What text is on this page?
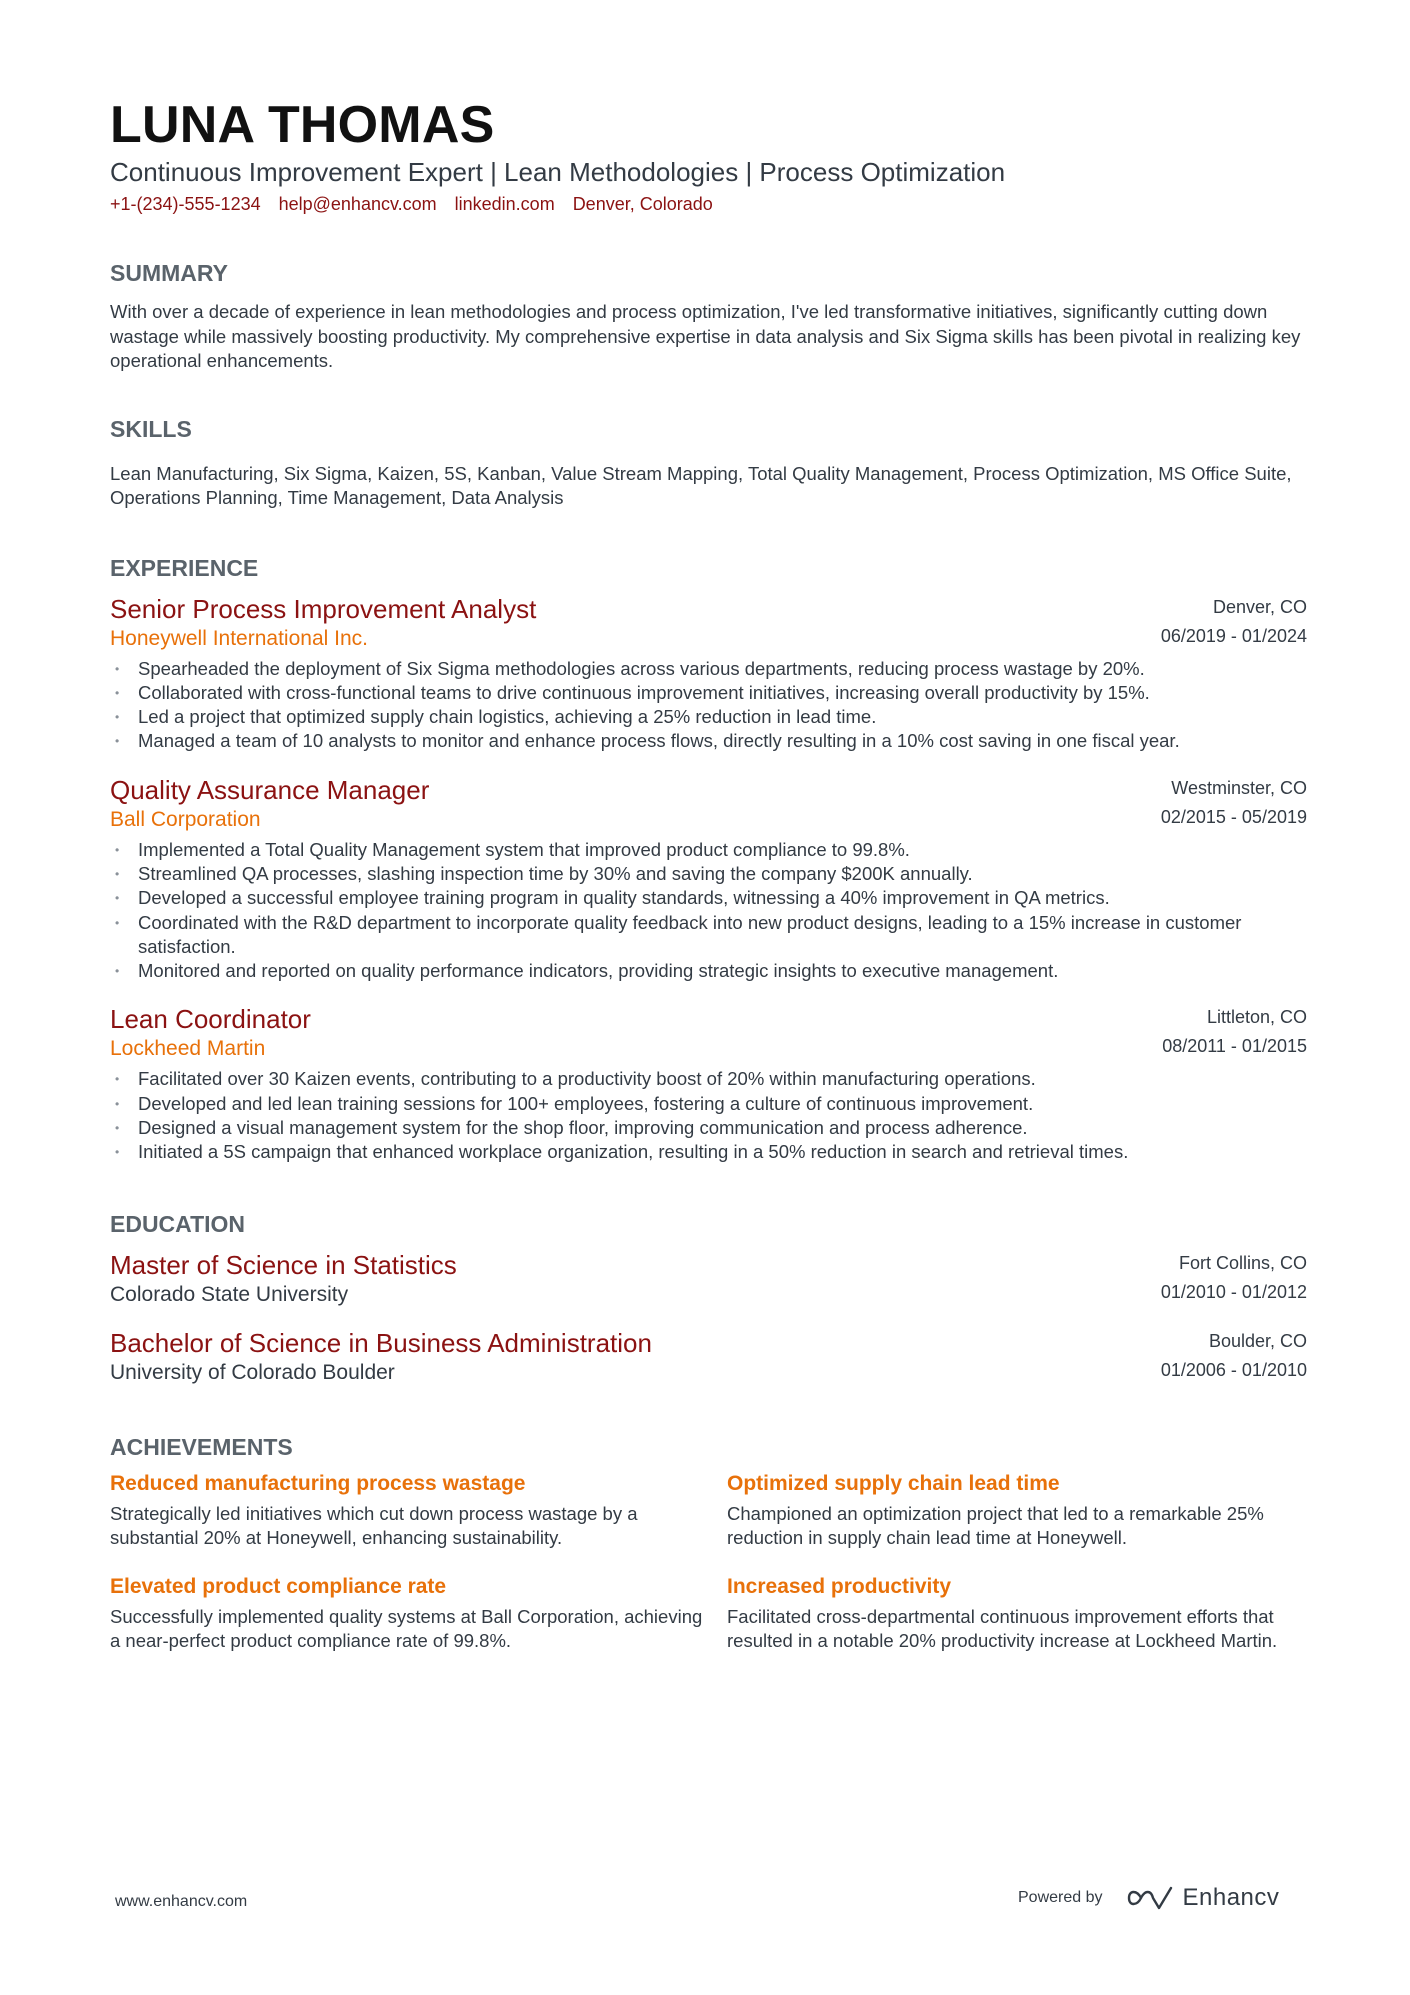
LUNA THOMAS
Continuous Improvement Expert | Lean Methodologies | Process Optimization
+1-(234)-555-1234 help@enhancv.com linkedin.com Denver, Colorado
SUMMARY
With over a decade of experience in lean methodologies and process optimization, I've led transformative initiatives, significantly cutting down wastage while massively boosting productivity. My comprehensive expertise in data analysis and Six Sigma skills has been pivotal in realizing key operational enhancements.
SKILLS
Lean Manufacturing, Six Sigma, Kaizen, 5S, Kanban, Value Stream Mapping, Total Quality Management, Process Optimization, MS Office Suite, Operations Planning, Time Management, Data Analysis
EXPERIENCE
Senior Process Improvement Analyst
Honeywell International Inc.
Denver, CO
06/2019 - 01/2024
• Spearheaded the deployment of Six Sigma methodologies across various departments, reducing process wastage by 20%.
• Collaborated with cross-functional teams to drive continuous improvement initiatives, increasing overall productivity by 15%.
• Led a project that optimized supply chain logistics, achieving a 25% reduction in lead time.
• Managed a team of 10 analysts to monitor and enhance process flows, directly resulting in a 10% cost saving in one fiscal year.
Quality Assurance Manager
Ball Corporation
Westminster, CO
02/2015 - 05/2019
• Implemented a Total Quality Management system that improved product compliance to 99.8%.
• Streamlined QA processes, slashing inspection time by 30% and saving the company $200K annually.
• Developed a successful employee training program in quality standards, witnessing a 40% improvement in QA metrics.
• Coordinated with the R&D department to incorporate quality feedback into new product designs, leading to a 15% increase in customer satisfaction.
• Monitored and reported on quality performance indicators, providing strategic insights to executive management.
Lean Coordinator
Lockheed Martin
Littleton, CO
08/2011 - 01/2015
• Facilitated over 30 Kaizen events, contributing to a productivity boost of 20% within manufacturing operations.
• Developed and led lean training sessions for 100+ employees, fostering a culture of continuous improvement.
• Designed a visual management system for the shop floor, improving communication and process adherence.
• Initiated a 5S campaign that enhanced workplace organization, resulting in a 50% reduction in search and retrieval times.
EDUCATION
Master of Science in Statistics
Colorado State University
Fort Collins, CO
01/2010 - 01/2012
Bachelor of Science in Business Administration
University of Colorado Boulder
Boulder, CO
01/2006 - 01/2010
ACHIEVEMENTS
Reduced manufacturing process wastage
Strategically led initiatives which cut down process wastage by a substantial 20% at Honeywell, enhancing sustainability.
Optimized supply chain lead time
Championed an optimization project that led to a remarkable 25% reduction in supply chain lead time at Honeywell.
Elevated product compliance rate
Successfully implemented quality systems at Ball Corporation, achieving a near-perfect product compliance rate of 99.8%.
Increased productivity
Facilitated cross-departmental continuous improvement efforts that resulted in a notable 20% productivity increase at Lockheed Martin.
www.enhancv.com	Powered by	Enhancv
